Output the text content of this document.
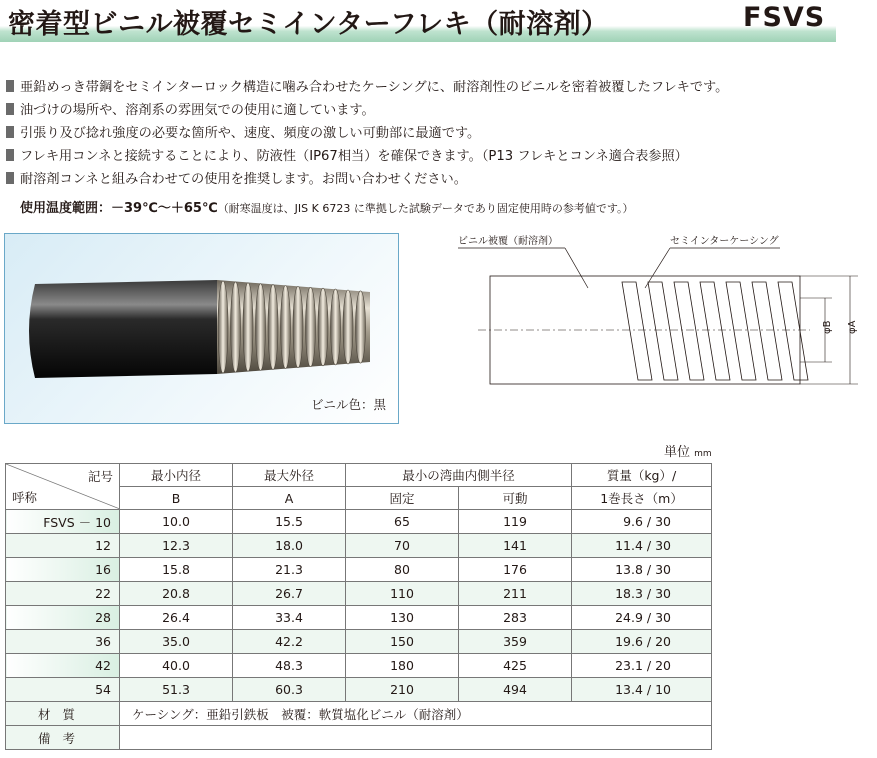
密着型ビニル被覆セミインターフレキ（耐溶剤）	FSVS
亜鉛めっき帯鋼をセミインターロック構造に噛み合わせたケーシングに、耐溶剤性のビニルを密着被覆したフレキです。
油づけの場所や、溶剤系の雰囲気での使用に適しています。
引張り及び捻れ強度の必要な箇所や、速度、頻度の激しい可動部に最適です。
フレキ用コンネと接続することにより、防液性（IP67相当）を確保できます。（P13 フレキとコンネ適合表参照）
耐溶剤コンネと組み合わせての使用を推奨します。お問い合わせください。
使用温度範囲：－39℃～＋65℃（耐寒温度は、JIS K 6723 に準拠した試験データであり固定使用時の参考値です。）
ビニル色：黒
ビニル被覆（耐溶剤）	セミインターケーシング
φB φA
単位 mm
記号
呼称	最小内径	最大外径	最小の湾曲内側半径		質量（kg）/
	B	A	固定	可動	1巻長さ（m）
FSVS － 10	10.0	15.5	65	119	9.6 / 30
12	12.3	18.0	70	141	11.4 / 30
16	15.8	21.3	80	176	13.8 / 30
22	20.8	26.7	110	211	18.3 / 30
28	26.4	33.4	130	283	24.9 / 30
36	35.0	42.2	150	359	19.6 / 20
42	40.0	48.3	180	425	23.1 / 20
54	51.3	60.3	210	494	13.4 / 10
材質	ケーシング：亜鉛引鉄板　被覆：軟質塩化ビニル（耐溶剤）				
備考					
